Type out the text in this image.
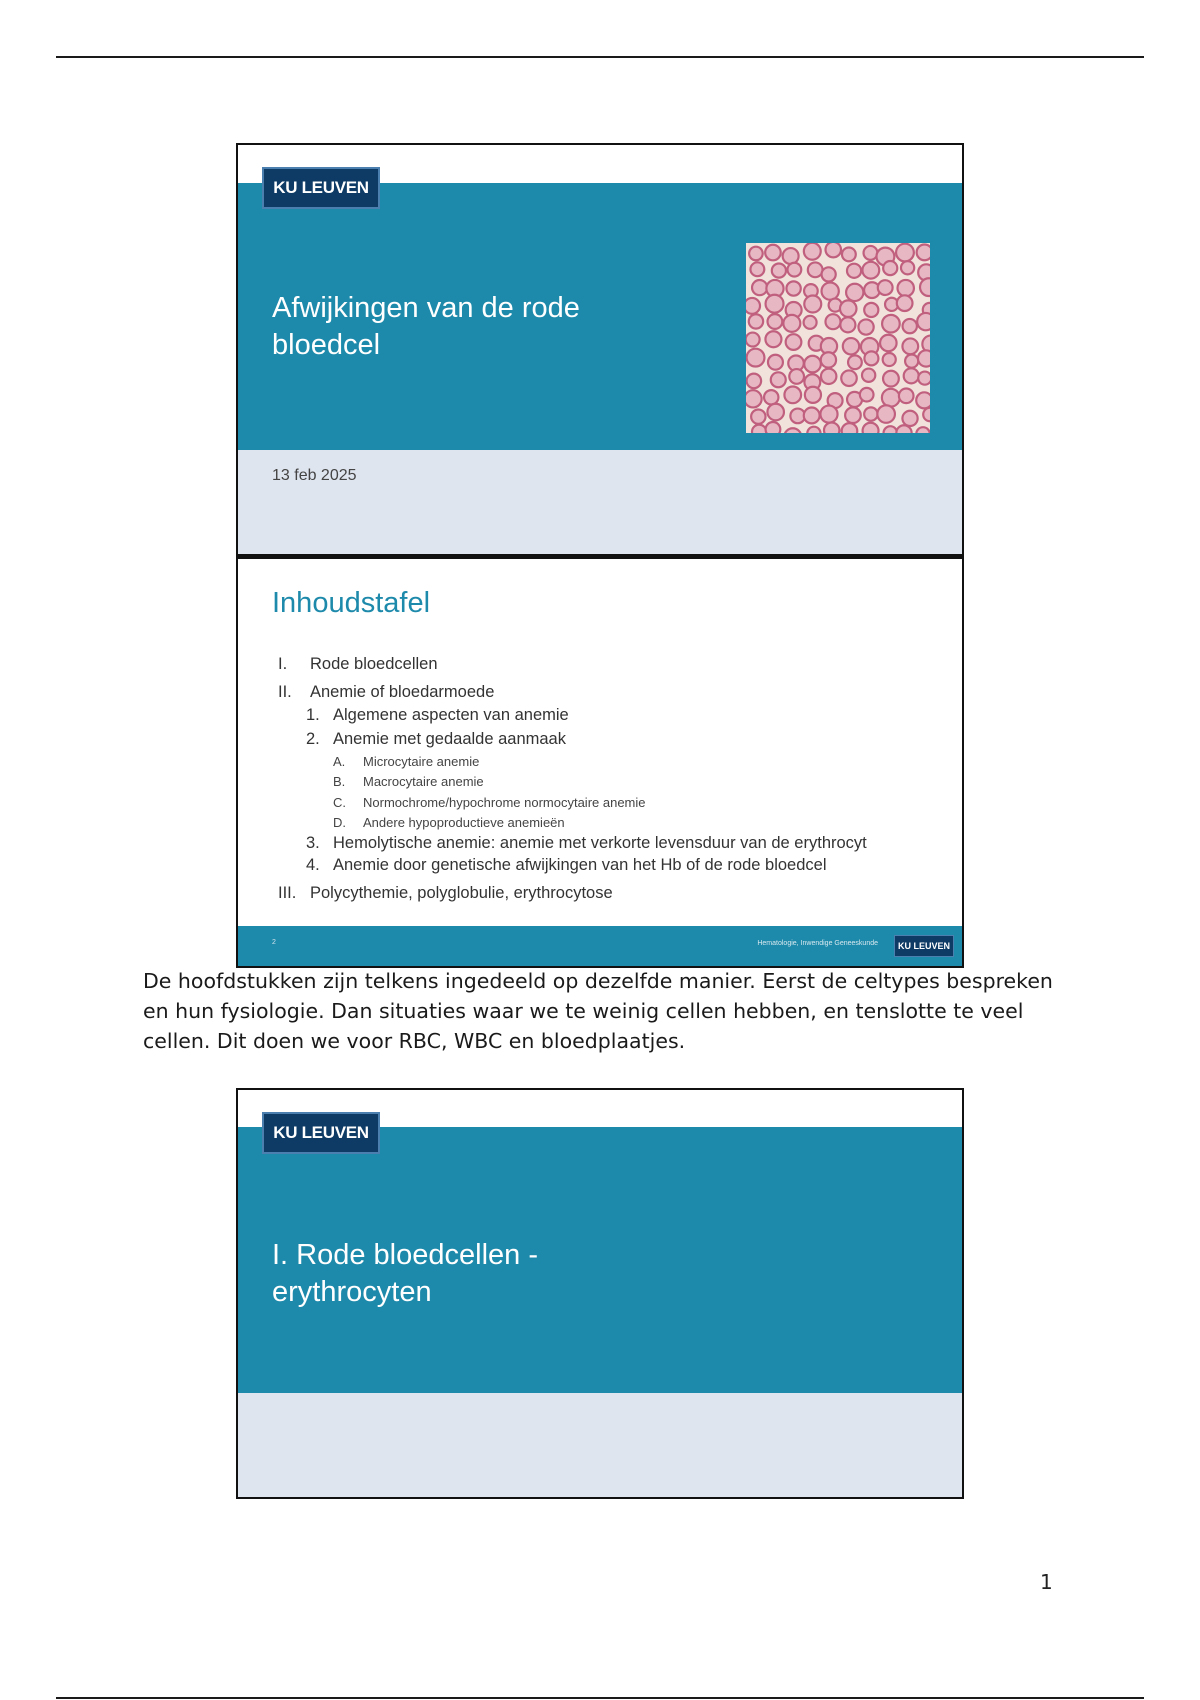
KU LEUVEN
Afwijkingen van de rode
bloedcel
13 feb 2025
Inhoudstafel
I. Rode bloedcellen
II. Anemie of bloedarmoede
1. Algemene aspecten van anemie
2. Anemie met gedaalde aanmaak
A. Microcytaire anemie
B. Macrocytaire anemie
C. Normochrome/hypochrome normocytaire anemie
D. Andere hypoproductieve anemieën
3. Hemolytische anemie: anemie met verkorte levensduur van de erythrocyt
4. Anemie door genetische afwijkingen van het Hb of de rode bloedcel
III. Polycythemie, polyglobulie, erythrocytose
2	Hematologie, Inwendige Geneeskunde	KU LEUVEN
De hoofdstukken zijn telkens ingedeeld op dezelfde manier. Eerst de celtypes bespreken en hun fysiologie. Dan situaties waar we te weinig cellen hebben, en tenslotte te veel cellen. Dit doen we voor RBC, WBC en bloedplaatjes.
KU LEUVEN
I. Rode bloedcellen -
erythrocyten
1
